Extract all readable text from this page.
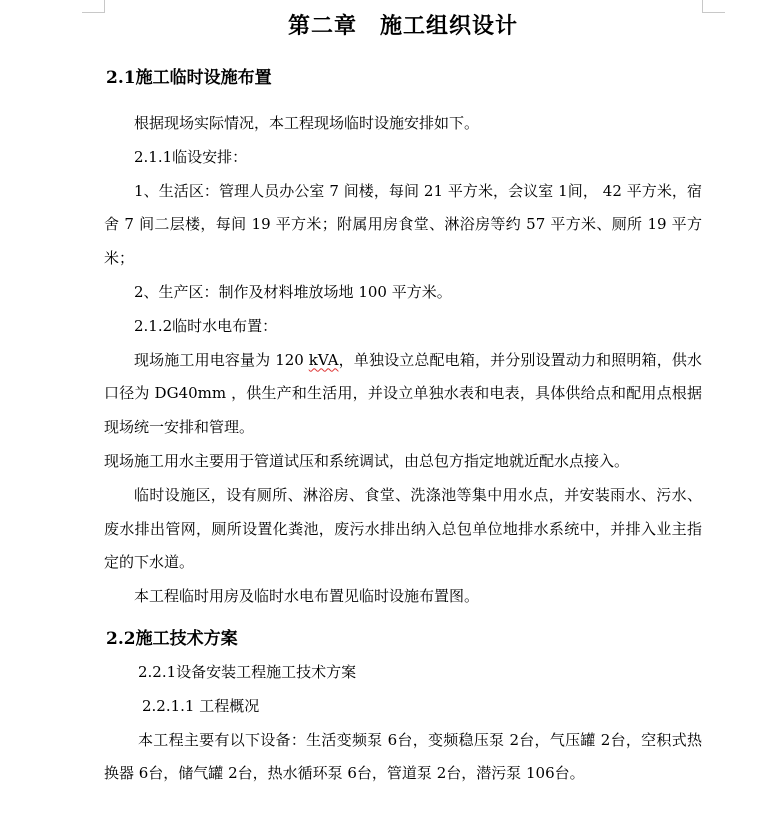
第二章　施工组织设计
2.1施工临时设施布置

根据现场实际情况，本工程现场临时设施安排如下。

2.1.1临设安排：

1、生活区：管理人员办公室 7 间楼，每间 21 平方米，会议室 1间， 42 平方米，宿舍 7 间二层楼，每间 19 平方米；附属用房食堂、淋浴房等约 57 平方米、厕所 19 平方米；

2、生产区：制作及材料堆放场地 100 平方米。

2.1.2临时水电布置：

现场施工用电容量为 120 kVA，单独设立总配电箱，并分别设置动力和照明箱，供水口径为 DG40mm ，供生产和生活用，并设立单独水表和电表，具体供给点和配用点根据现场统一安排和管理。

现场施工用水主要用于管道试压和系统调试，由总包方指定地就近配水点接入。

临时设施区，设有厕所、淋浴房、食堂、洗涤池等集中用水点，并安装雨水、污水、废水排出管网，厕所设置化粪池，废污水排出纳入总包单位地排水系统中，并排入业主指定的下水道。

本工程临时用房及临时水电布置见临时设施布置图。

2.2施工技术方案

2.2.1设备安装工程施工技术方案

2.2.1.1 工程概况

本工程主要有以下设备：生活变频泵 6台，变频稳压泵 2台，气压罐 2台，空积式热换器 6台，储气罐 2台，热水循环泵 6台，管道泵 2台，潜污泵 106台。
